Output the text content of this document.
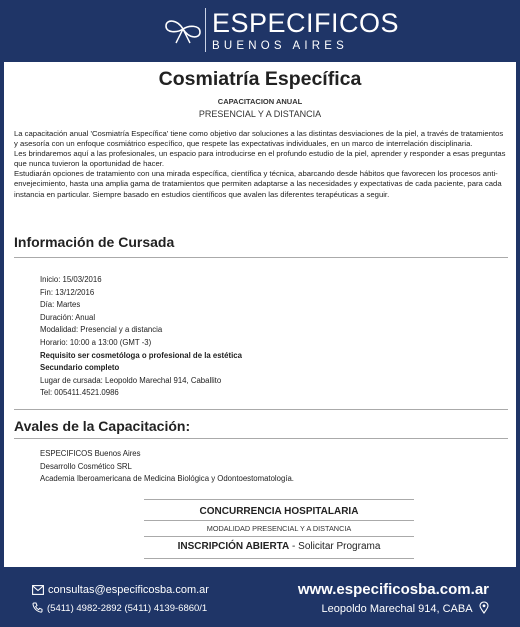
ESPECIFICOS
BUENOS AIRES
Cosmiatría Específica
CAPACITACION ANUAL
PRESENCIAL Y A DISTANCIA

La capacitación anual 'Cosmiatría Específica' tiene como objetivo dar soluciones a las distintas desviaciones de la piel, a través de tratamientos y asesoría con un enfoque cosmiátrico específico, que respete las expectativas individuales, en un marco de interrelación disciplinaria.

Les brindaremos aquí a las profesionales, un espacio para introducirse en el profundo estudio de la piel, aprender y responder a esas preguntas que nunca tuvieron la oportunidad de hacer.

Estudiarán opciones de tratamiento con una mirada específica, científica y técnica, abarcando desde hábitos que favorecen los procesos anti-envejecimiento, hasta una amplia gama de tratamientos que permiten adaptarse a las necesidades y expectativas de cada paciente, para cada instancia en particular. Siempre basado en estudios científicos que avalen las diferentes terapéuticas a seguir.

Información de Cursada
Inicio: 15/03/2016
Fin: 13/12/2016
Día: Martes
Duración: Anual
Modalidad: Presencial y a distancia
Horario: 10:00 a 13:00 (GMT -3)
Requisito ser cosmetóloga o profesional de la estética
Secundario completo
Lugar de cursada: Leopoldo Marechal 914, Caballito
Tel: 005411.4521.0986
Avales de la Capacitación:
ESPECIFICOS Buenos Aires
Desarrollo Cosmético SRL
Academia Iberoamericana de Medicina Biológica y Odontoestomatología.
CONCURRENCIA HOSPITALARIA
MODALIDAD PRESENCIAL Y A DISTANCIA
INSCRIPCIÓN ABIERTA - Solicitar Programa
consultas@especificosba.com.ar
(5411) 4982-2892 (5411) 4139-6860/1
www.especificosba.com.ar
Leopoldo Marechal 914, CABA
